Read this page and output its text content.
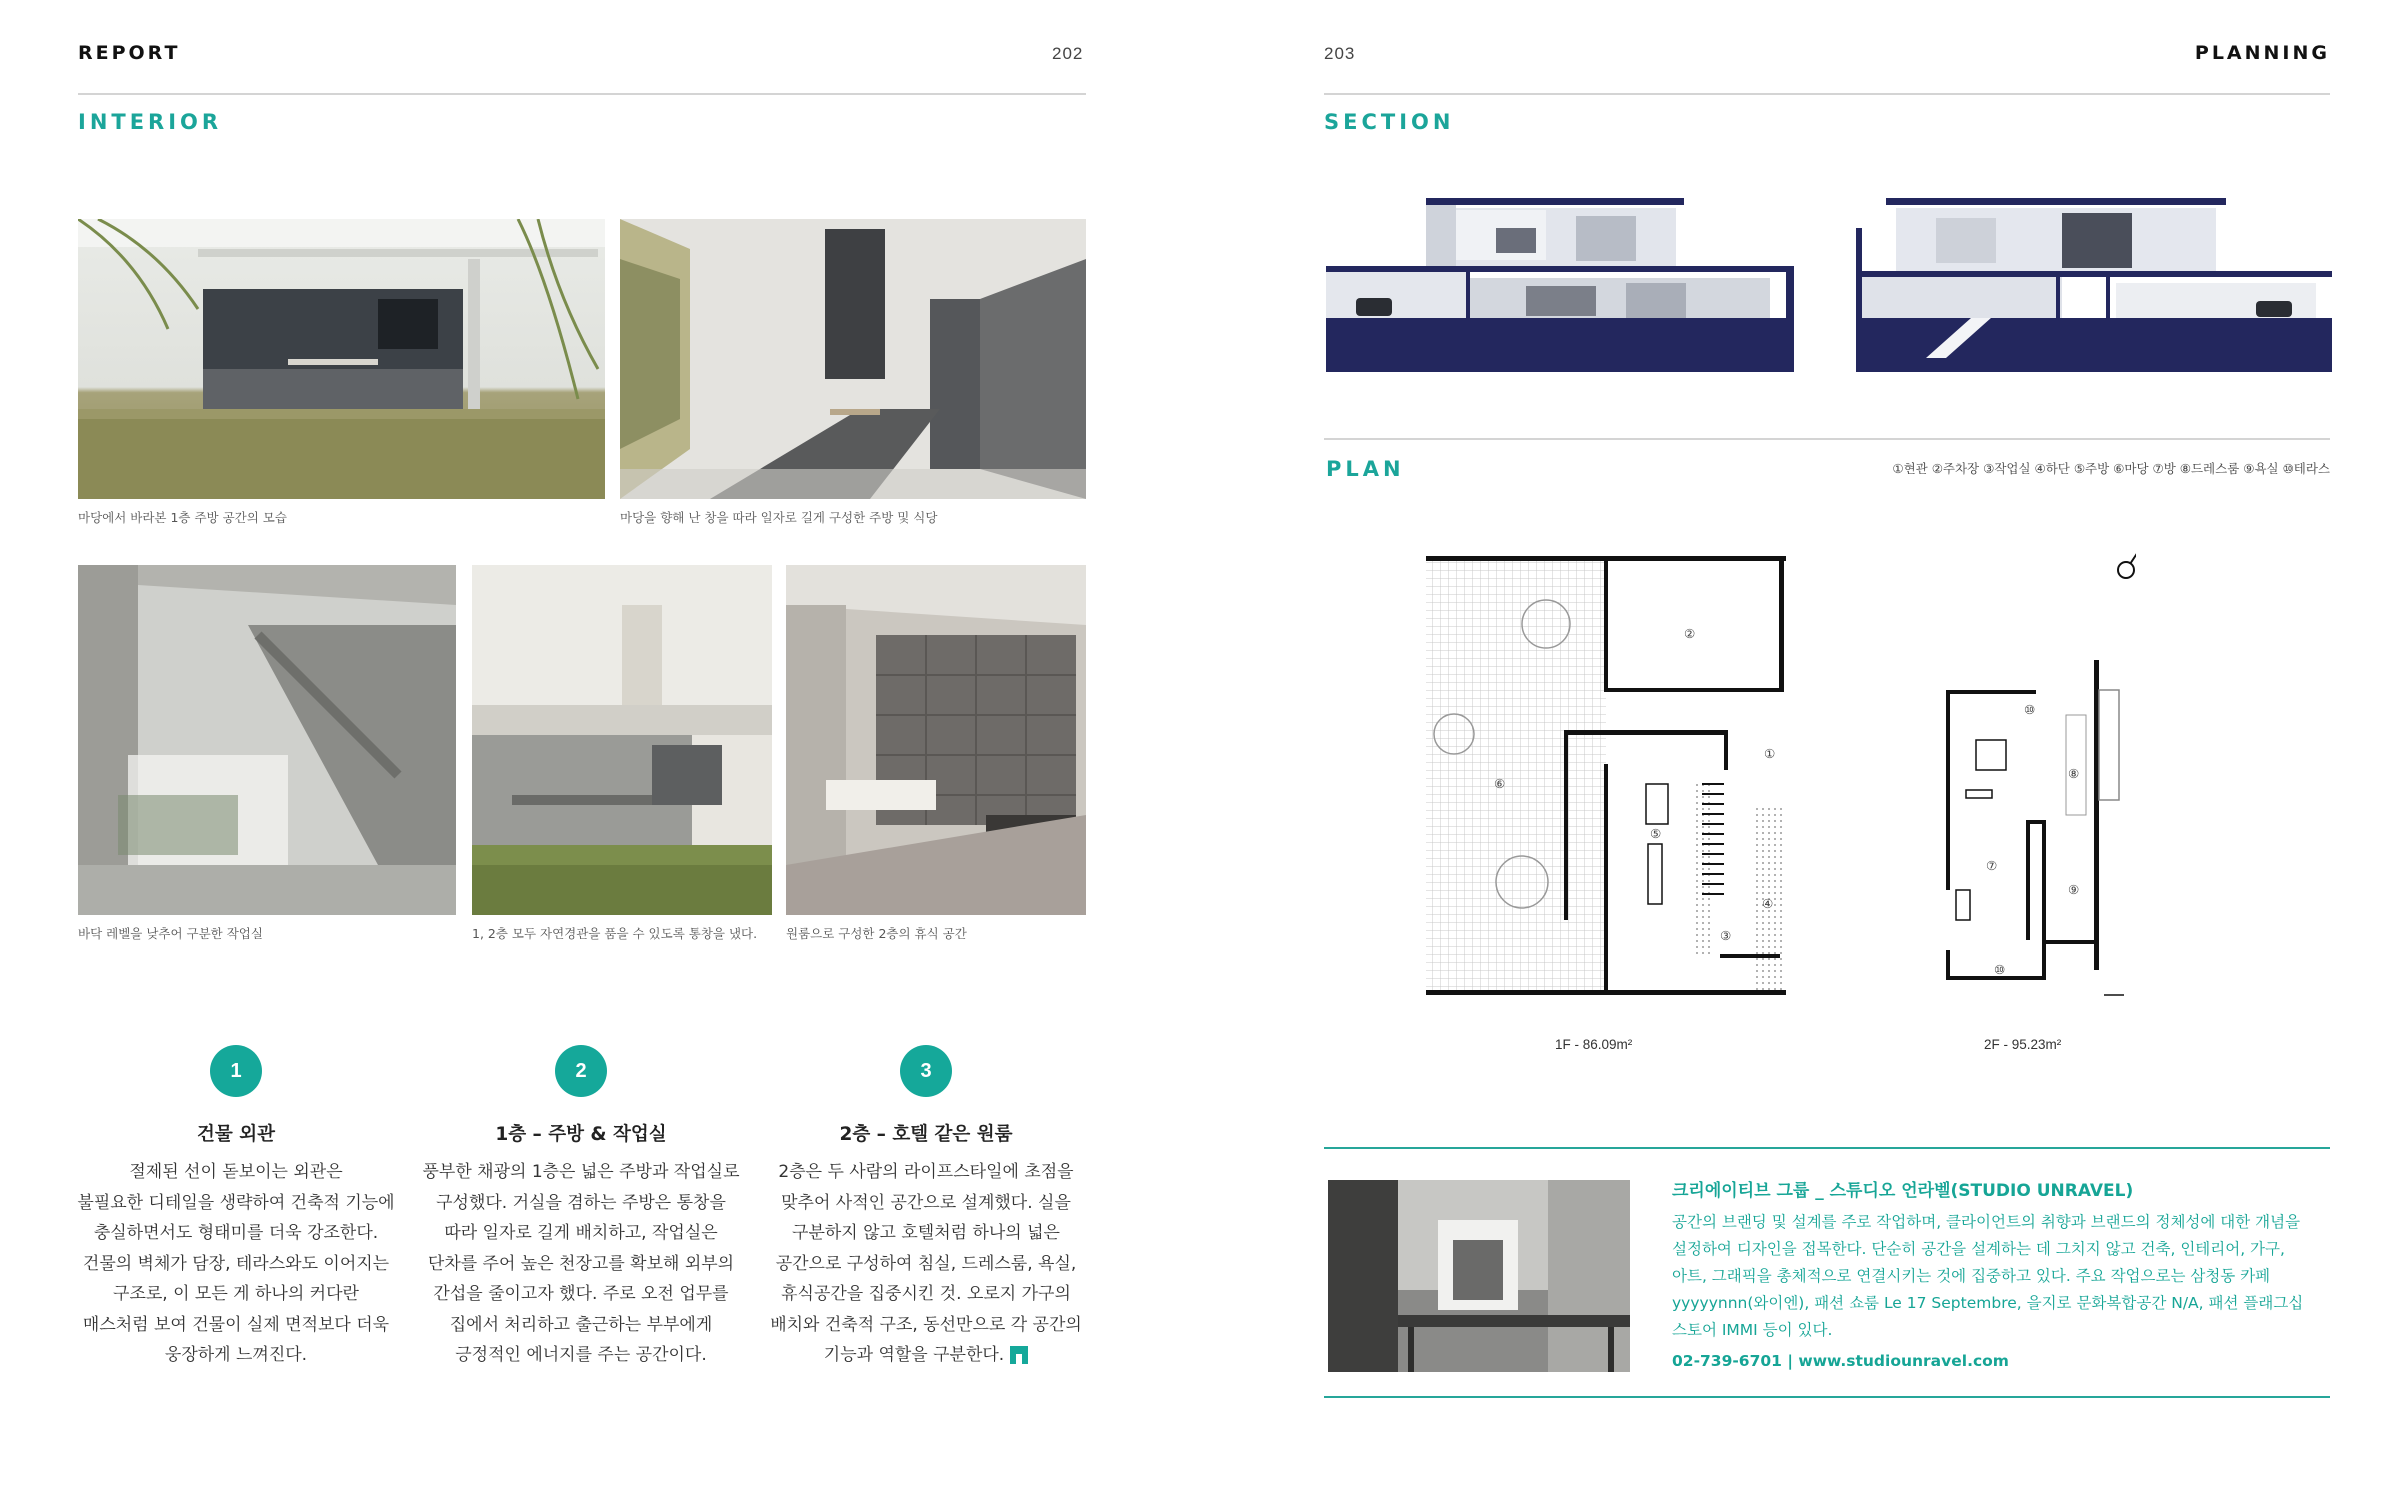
REPORT	202
INTERIOR
마당에서 바라본 1층 주방 공간의 모습	마당을 향해 난 창을 따라 일자로 길게 구성한 주방 및 식당
바닥 레벨을 낮추어 구분한 작업실	1, 2층 모두 자연경관을 품을 수 있도록 통창을 냈다. 원룸으로 구성한 2층의 휴식 공간
1
건물 외관
절제된 선이 돋보이는 외관은
불필요한 디테일을 생략하여 건축적 기능에
충실하면서도 형태미를 더욱 강조한다.
건물의 벽체가 담장, 테라스와도 이어지는
구조로, 이 모든 게 하나의 커다란
매스처럼 보여 건물이 실제 면적보다 더욱
웅장하게 느껴진다.
2
1층 – 주방 & 작업실
풍부한 채광의 1층은 넓은 주방과 작업실로
구성했다. 거실을 겸하는 주방은 통창을
따라 일자로 길게 배치하고, 작업실은
단차를 주어 높은 천장고를 확보해 외부의
간섭을 줄이고자 했다. 주로 오전 업무를
집에서 처리하고 출근하는 부부에게
긍정적인 에너지를 주는 공간이다.
3
2층 – 호텔 같은 원룸
2층은 두 사람의 라이프스타일에 초점을
맞추어 사적인 공간으로 설계했다. 실을
구분하지 않고 호텔처럼 하나의 넓은
공간으로 구성하여 침실, 드레스룸, 욕실,
휴식공간을 집중시킨 것. 오로지 가구의
배치와 건축적 구조, 동선만으로 각 공간의
기능과 역할을 구분한다.
203	PLANNING
SECTION
PLAN	①현관 ②주차장 ③작업실 ④하단 ⑤주방 ⑥마당 ⑦방 ⑧드레스룸 ⑨욕실 ⑩테라스
②
①
⑥
⑤
④
③
1F - 86.09m²
⑩
⑧
⑦
⑨
⑩
2F - 95.23m²
크리에이티브 그룹 _ 스튜디오 언라벨(STUDIO UNRAVEL)
공간의 브랜딩 및 설계를 주로 작업하며, 클라이언트의 취향과 브랜드의 정체성에 대한 개념을
설정하여 디자인을 접목한다. 단순히 공간을 설계하는 데 그치지 않고 건축, 인테리어, 가구,
아트, 그래픽을 총체적으로 연결시키는 것에 집중하고 있다. 주요 작업으로는 삼청동 카페
yyyyynnn(와이엔), 패션 쇼룸 Le 17 Septembre, 을지로 문화복합공간 N/A, 패션 플래그십
스토어 IMMI 등이 있다.
02-739-6701 | www.studiounravel.com
